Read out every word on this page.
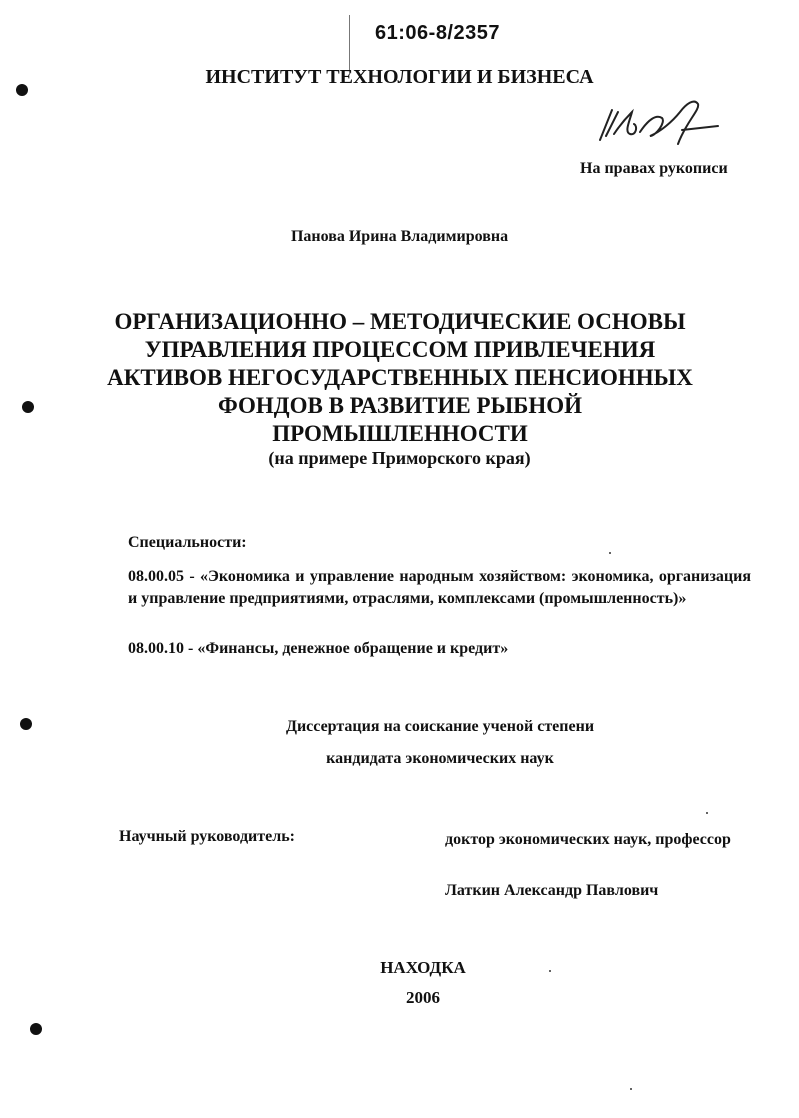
61:06-8/2357
ИНСТИТУТ ТЕХНОЛОГИИ И БИЗНЕСА
На правах рукописи
Панова Ирина Владимировна
ОРГАНИЗАЦИОННО – МЕТОДИЧЕСКИЕ ОСНОВЫ
УПРАВЛЕНИЯ ПРОЦЕССОМ ПРИВЛЕЧЕНИЯ
АКТИВОВ НЕГОСУДАРСТВЕННЫХ ПЕНСИОННЫХ
ФОНДОВ В РАЗВИТИЕ РЫБНОЙ
ПРОМЫШЛЕННОСТИ
(на примере Приморского края)
Специальности:
08.00.05 - «Экономика и управление народным хозяйством: экономика, организация и управление предприятиями, отраслями, комплексами (промышленность)»
08.00.10 - «Финансы, денежное обращение и кредит»
Диссертация на соискание ученой степени
кандидата экономических наук
Научный руководитель:	доктор экономических наук, профессор
Латкин Александр Павлович
НАХОДКА
2006
